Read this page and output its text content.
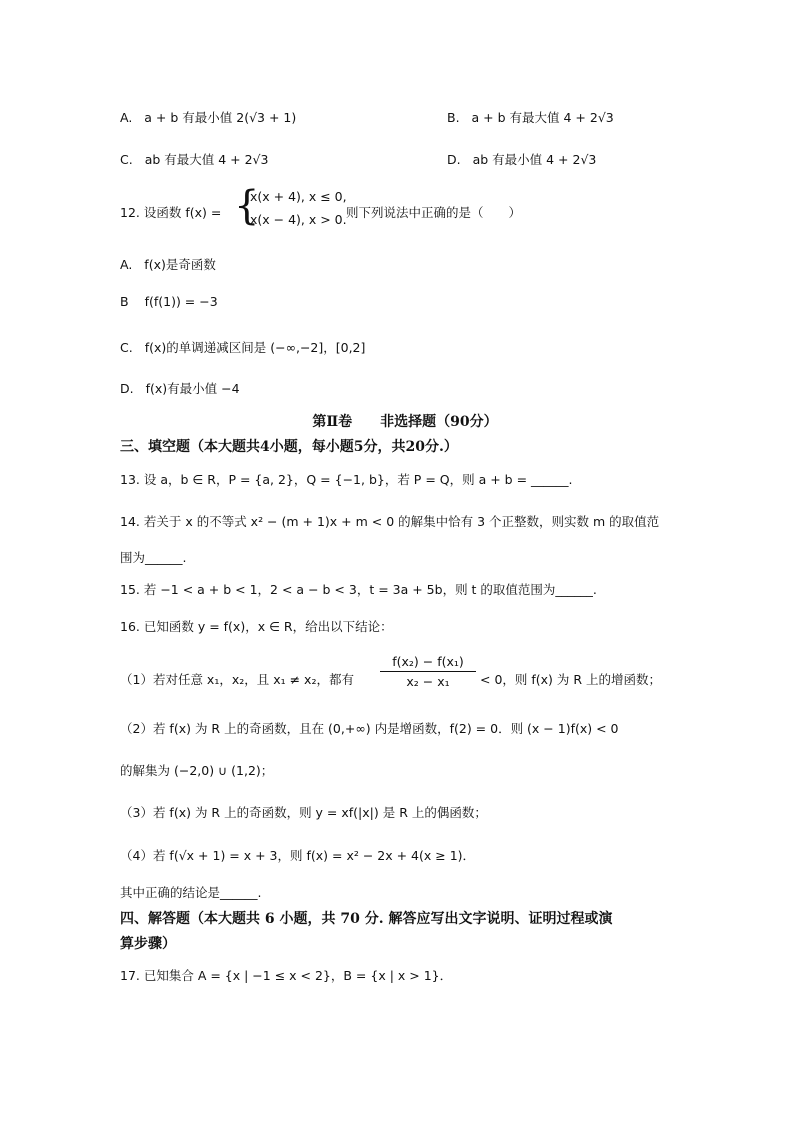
A. a + b 有最小值 2(√3 + 1)	B. a + b 有最大值 4 + 2√3
C. ab 有最大值 4 + 2√3	D. ab 有最小值 4 + 2√3
12. 设函数 f(x) = {
x(x + 4), x ≤ 0,
x(x − 4), x > 0. 则下列说法中正确的是（　　）
A. f(x)是奇函数
B f(f(1)) = −3
C. f(x)的单调递减区间是 (−∞,−2]，[0,2]
D. f(x)有最小值 −4
第Ⅱ卷　　非选择题（90分）
三、填空题（本大题共4小题，每小题5分，共20分.）
13. 设 a，b ∈ R，P = {a, 2}，Q = {−1, b}，若 P = Q，则 a + b = ______.
14. 若关于 x 的不等式 x² − (m + 1)x + m < 0 的解集中恰有 3 个正整数，则实数 m 的取值范
围为______.
15. 若 −1 < a + b < 1，2 < a − b < 3，t = 3a + 5b，则 t 的取值范围为______.
16. 已知函数 y = f(x)，x ∈ R，给出以下结论：
（1）若对任意 x₁，x₂，且 x₁ ≠ x₂，都有
f(x₂) − f(x₁)
x₂ − x₁	< 0，则 f(x) 为 R 上的增函数；
（2）若 f(x) 为 R 上的奇函数，且在 (0,+∞) 内是增函数，f(2) = 0．则 (x − 1)f(x) < 0
的解集为 (−2,0) ∪ (1,2)；
（3）若 f(x) 为 R 上的奇函数，则 y = xf(|x|) 是 R 上的偶函数；
（4）若 f(√x + 1) = x + 3，则 f(x) = x² − 2x + 4(x ≥ 1)．
其中正确的结论是______.
四、解答题（本大题共 6 小题，共 70 分. 解答应写出文字说明、证明过程或演
算步骤）
17. 已知集合 A = {x | −1 ≤ x < 2}，B = {x | x > 1}．
